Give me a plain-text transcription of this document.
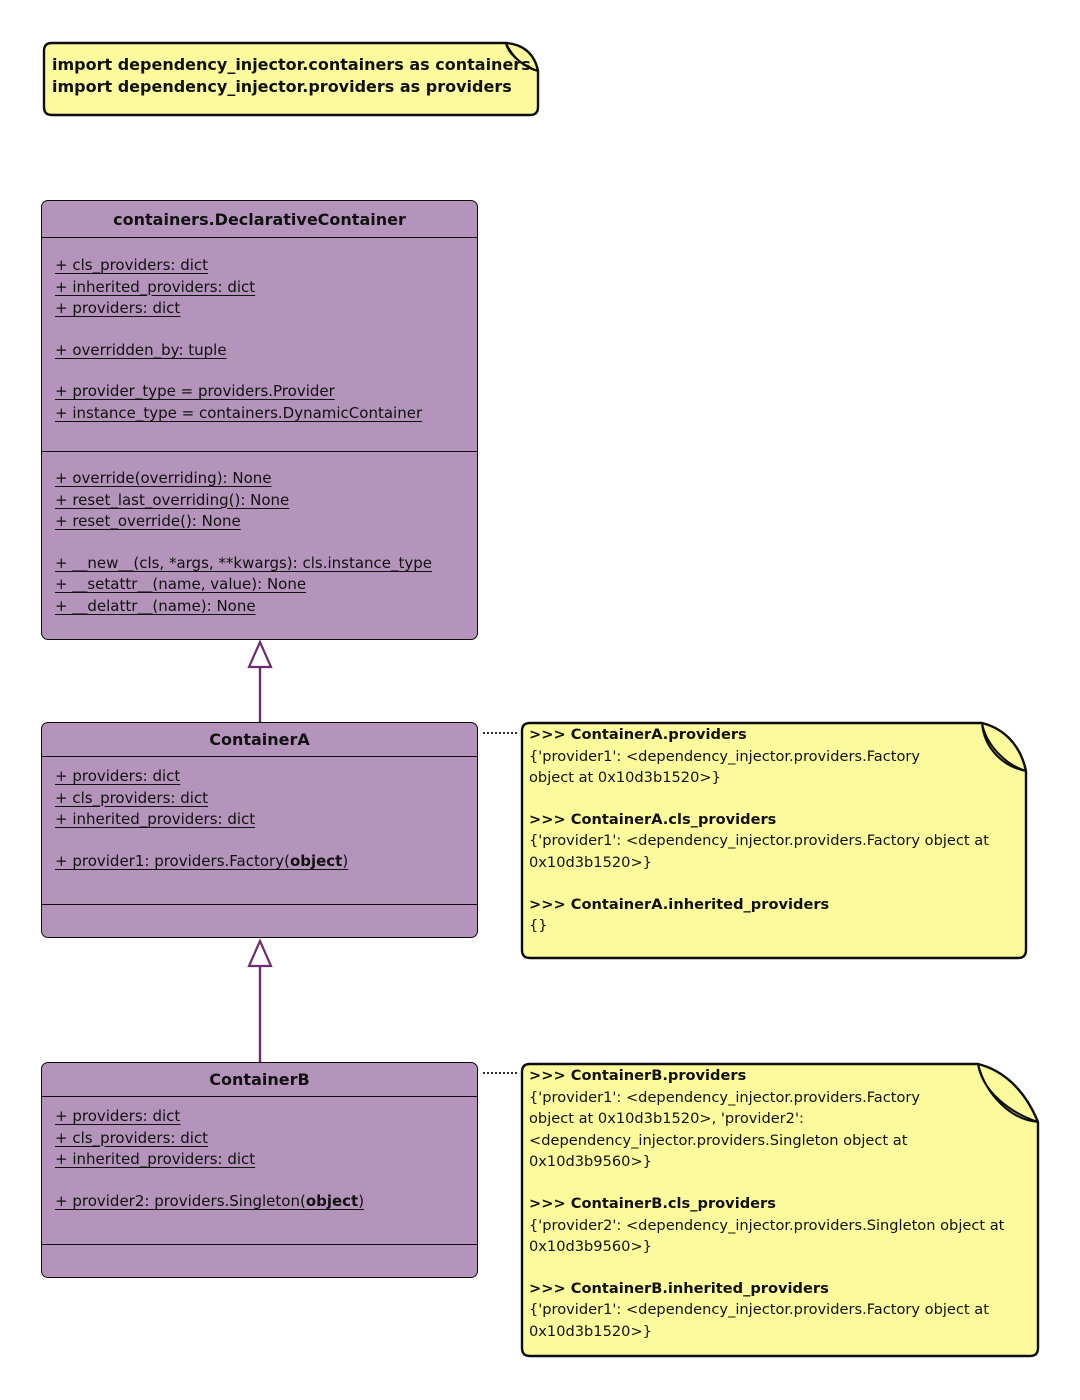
import dependency_injector.containers as containers
import dependency_injector.providers as providers
containers.DeclarativeContainer
+ cls_providers: dict
+ inherited_providers: dict
+ providers: dict
+ overridden_by: tuple
+ provider_type = providers.Provider
+ instance_type = containers.DynamicContainer
+ override(overriding): None
+ reset_last_overriding(): None
+ reset_override(): None
+ __new__(cls, *args, **kwargs): cls.instance_type
+ __setattr__(name, value): None
+ __delattr__(name): None
ContainerA
+ providers: dict
+ cls_providers: dict
+ inherited_providers: dict
+ provider1: providers.Factory(object)
>>> ContainerA.providers
{'provider1': <dependency_injector.providers.Factory
object at 0x10d3b1520>}
>>> ContainerA.cls_providers
{'provider1': <dependency_injector.providers.Factory object at
0x10d3b1520>}
>>> ContainerA.inherited_providers
{}
ContainerB
+ providers: dict
+ cls_providers: dict
+ inherited_providers: dict
+ provider2: providers.Singleton(object)
>>> ContainerB.providers
{'provider1': <dependency_injector.providers.Factory
object at 0x10d3b1520>, 'provider2':
<dependency_injector.providers.Singleton object at
0x10d3b9560>}
>>> ContainerB.cls_providers
{'provider2': <dependency_injector.providers.Singleton object at
0x10d3b9560>}
>>> ContainerB.inherited_providers
{'provider1': <dependency_injector.providers.Factory object at
0x10d3b1520>}
